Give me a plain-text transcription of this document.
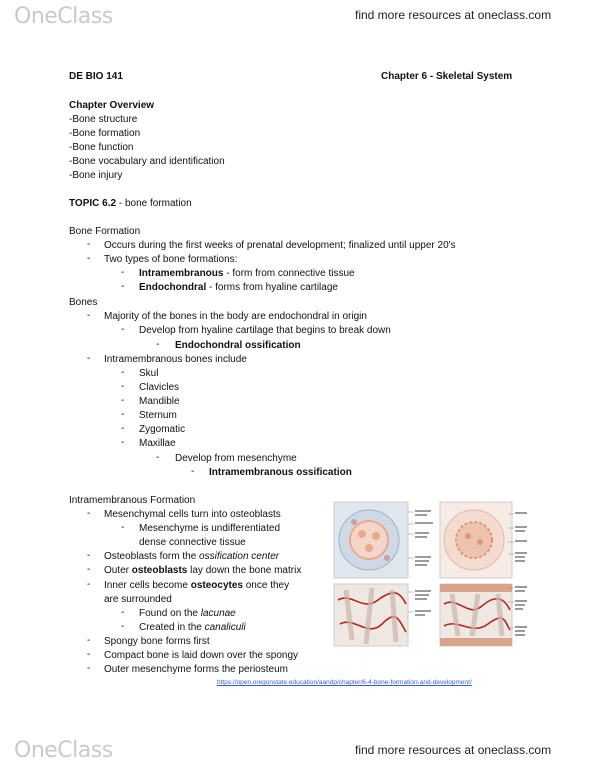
OneClass	find more resources at oneclass.com
DE BIO 141	Chapter 6 - Skeletal System
Chapter Overview
-Bone structure
-Bone formation
-Bone function
-Bone vocabulary and identification
-Bone injury
TOPIC 6.2 - bone formation
Bone Formation
- Occurs during the first weeks of prenatal development; finalized until upper 20's
- Two types of bone formations:
- Intramembranous - form from connective tissue
- Endochondral - forms from hyaline cartilage
Bones
- Majority of the bones in the body are endochondral in origin
- Develop from hyaline cartilage that begins to break down
- Endochondral ossification
- Intramembranous bones include
- Skul
- Clavicles
- Mandible
- Sternum
- Zygomatic
- Maxillae
- Develop from mesenchyme
- Intramembranous ossification
Intramembranous Formation
- Mesenchymal cells turn into osteoblasts
- Mesenchyme is undifferentiated
dense connective tissue
- Osteoblasts form the ossification center
- Outer osteoblasts lay down the bone matrix
- Inner cells become osteocytes once they
are surrounded
- Found on the lacunae
- Created in the canaliculi
- Spongy bone forms first
- Compact bone is laid down over the spongy
- Outer mesenchyme forms the periosteum
https://open.oregonstate.education/aandp/chapter/6-4-bone-formation-and-development/
OneClass	find more resources at oneclass.com
